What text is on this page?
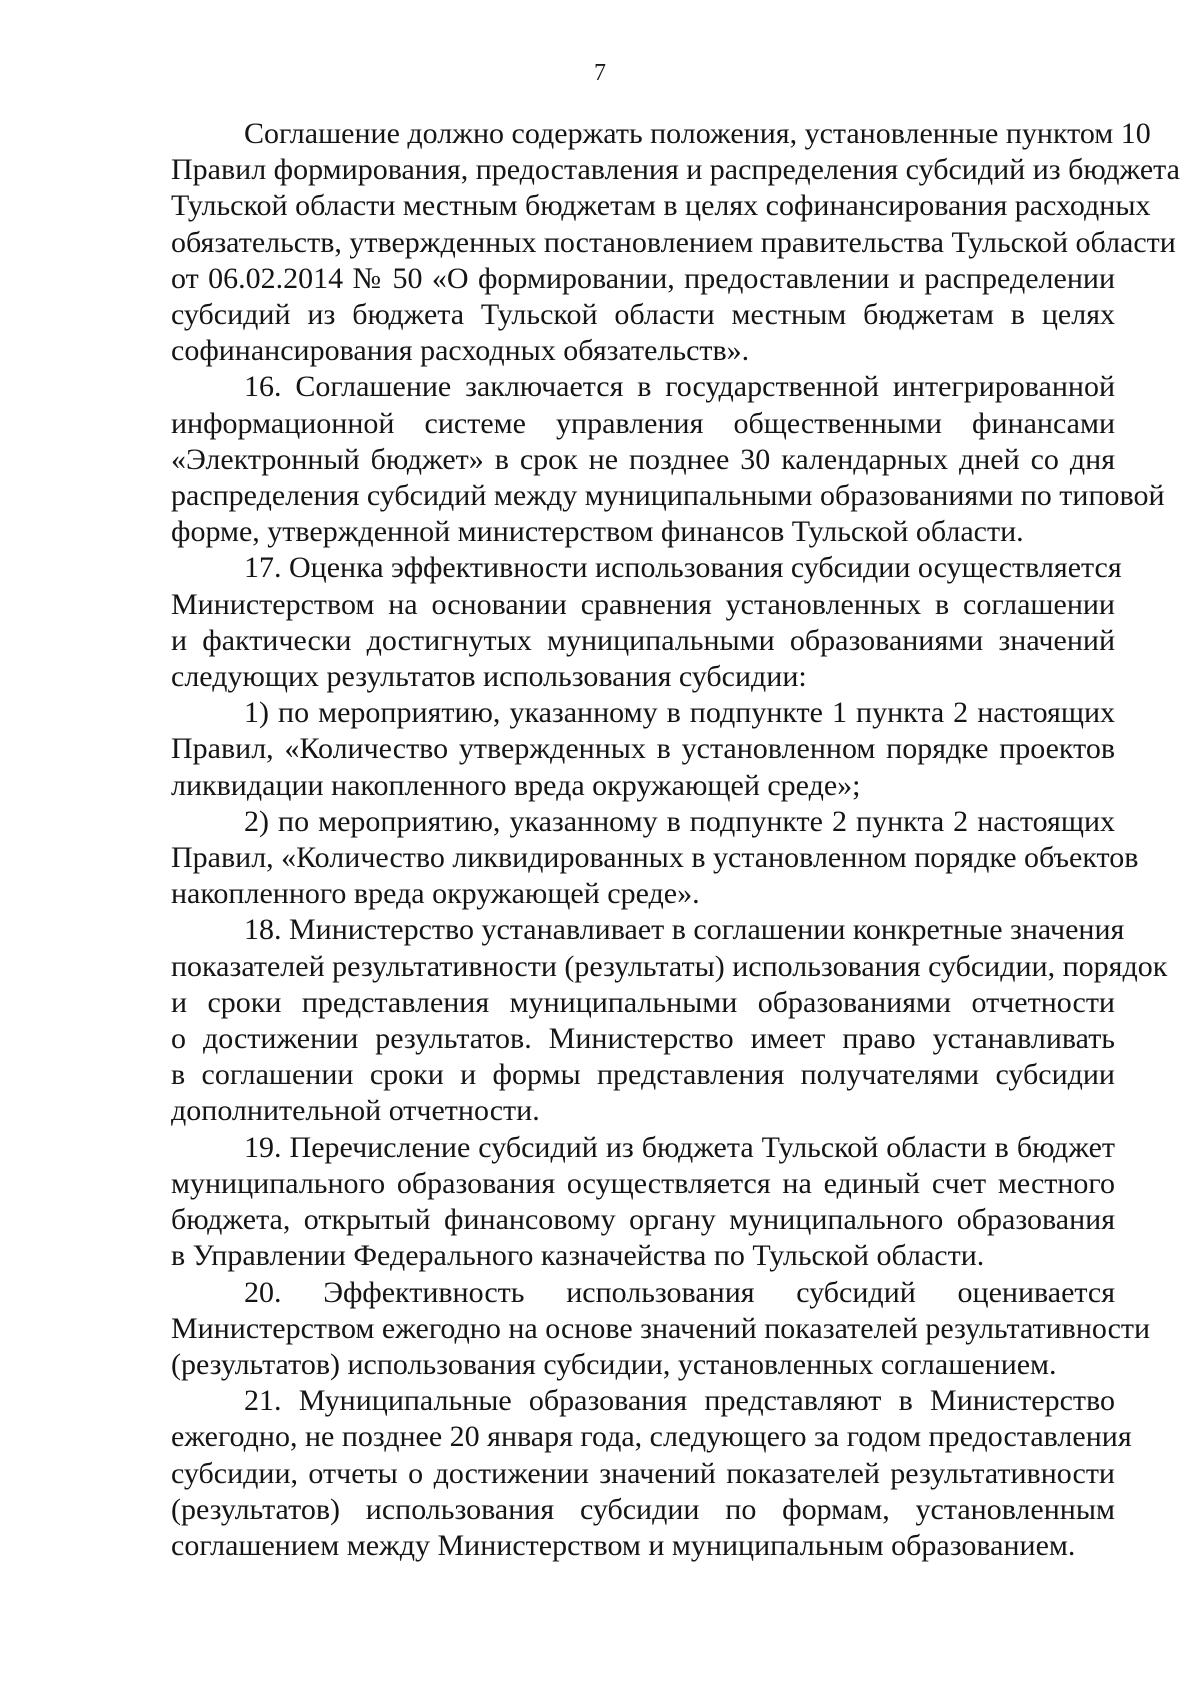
7
Соглашение должно содержать положения, установленные пунктом 10
Правил формирования, предоставления и распределения субсидий из бюджета
Тульской области местным бюджетам в целях софинансирования расходных
обязательств, утвержденных постановлением правительства Тульской области
от 06.02.2014 № 50 «О формировании, предоставлении и распределении
субсидий из бюджета Тульской области местным бюджетам в целях
софинансирования расходных обязательств».
16. Соглашение заключается в государственной интегрированной
информационной системе управления общественными финансами
«Электронный бюджет» в срок не позднее 30 календарных дней со дня
распределения субсидий между муниципальными образованиями по типовой
форме, утвержденной министерством финансов Тульской области.
17. Оценка эффективности использования субсидии осуществляется
Министерством на основании сравнения установленных в соглашении
и фактически достигнутых муниципальными образованиями значений
следующих результатов использования субсидии:
1) по мероприятию, указанному в подпункте 1 пункта 2 настоящих
Правил, «Количество утвержденных в установленном порядке проектов
ликвидации накопленного вреда окружающей среде»;
2) по мероприятию, указанному в подпункте 2 пункта 2 настоящих
Правил, «Количество ликвидированных в установленном порядке объектов
накопленного вреда окружающей среде».
18. Министерство устанавливает в соглашении конкретные значения
показателей результативности (результаты) использования субсидии, порядок
и сроки представления муниципальными образованиями отчетности
о достижении результатов. Министерство имеет право устанавливать
в соглашении сроки и формы представления получателями субсидии
дополнительной отчетности.
19. Перечисление субсидий из бюджета Тульской области в бюджет
муниципального образования осуществляется на единый счет местного
бюджета, открытый финансовому органу муниципального образования
в Управлении Федерального казначейства по Тульской области.
20. Эффективность использования субсидий оценивается
Министерством ежегодно на основе значений показателей результативности
(результатов) использования субсидии, установленных соглашением.
21. Муниципальные образования представляют в Министерство
ежегодно, не позднее 20 января года, следующего за годом предоставления
субсидии, отчеты о достижении значений показателей результативности
(результатов) использования субсидии по формам, установленным
соглашением между Министерством и муниципальным образованием.
